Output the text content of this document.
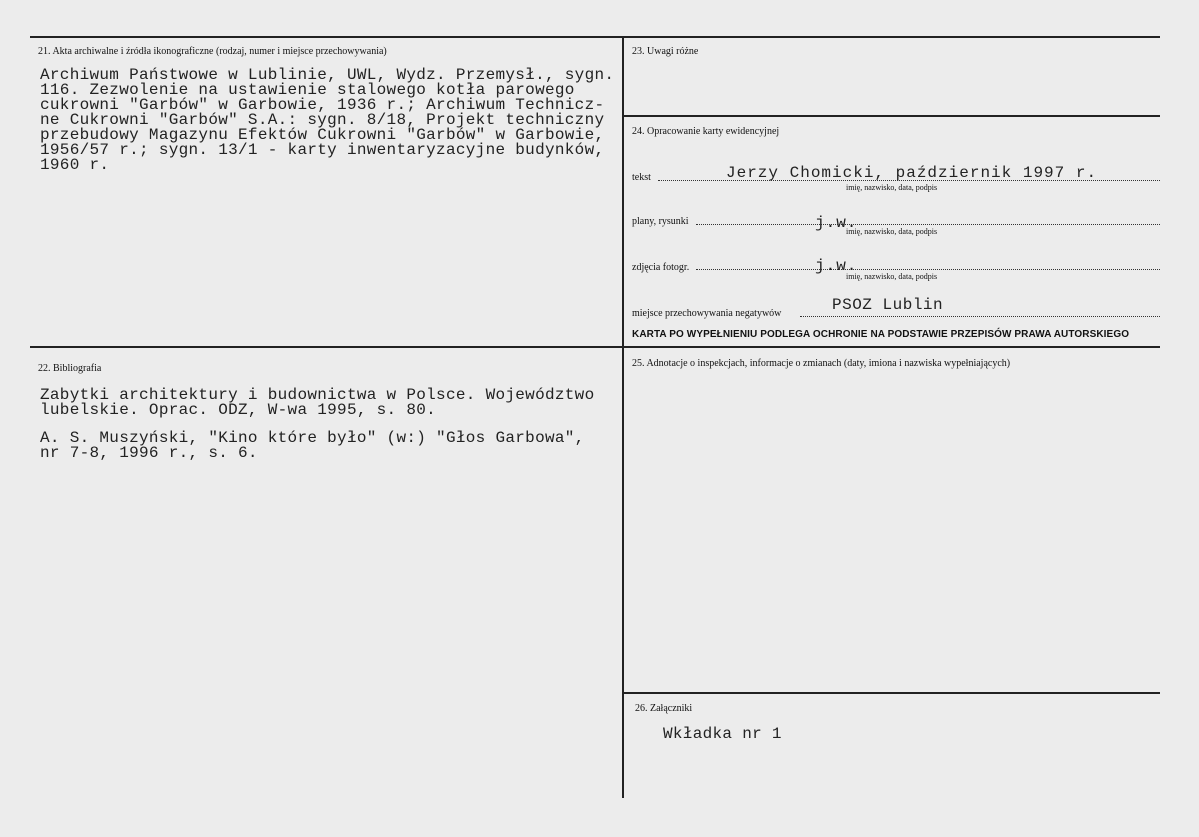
21. Akta archiwalne i źródła ikonograficzne (rodzaj, numer i miejsce przechowywania)
Archiwum Państwowe w Lublinie, UWL, Wydz. Przemysł., sygn.
116. Zezwolenie na ustawienie stalowego kotła parowego
cukrowni "Garbów" w Garbowie, 1936 r.; Archiwum Technicz-
ne Cukrowni "Garbów" S.A.: sygn. 8/18, Projekt techniczny
przebudowy Magazynu Efektów Cukrowni "Garbów" w Garbowie,
1956/57 r.; sygn. 13/1 - karty inwentaryzacyjne budynków,
1960 r.
22. Bibliografia
Zabytki architektury i budownictwa w Polsce. Województwo
lubelskie. Oprac. ODZ, W-wa 1995, s. 80.
A. S. Muszyński, "Kino które było" (w:) "Głos Garbowa",
nr 7-8, 1996 r., s. 6.
23. Uwagi różne
24. Opracowanie karty ewidencyjnej
tekst	Jerzy Chomicki, październik 1997 r.
imię, nazwisko, data, podpis
plany, rysunki	j.w.
imię, nazwisko, data, podpis
zdjęcia fotogr.	j.w.
imię, nazwisko, data, podpis
miejsce przechowywania negatywów	PSOZ Lublin
KARTA PO WYPEŁNIENIU PODLEGA OCHRONIE NA PODSTAWIE PRZEPISÓW PRAWA AUTORSKIEGO
25. Adnotacje o inspekcjach, informacje o zmianach (daty, imiona i nazwiska wypełniających)
26. Załączniki
Wkładka nr 1
